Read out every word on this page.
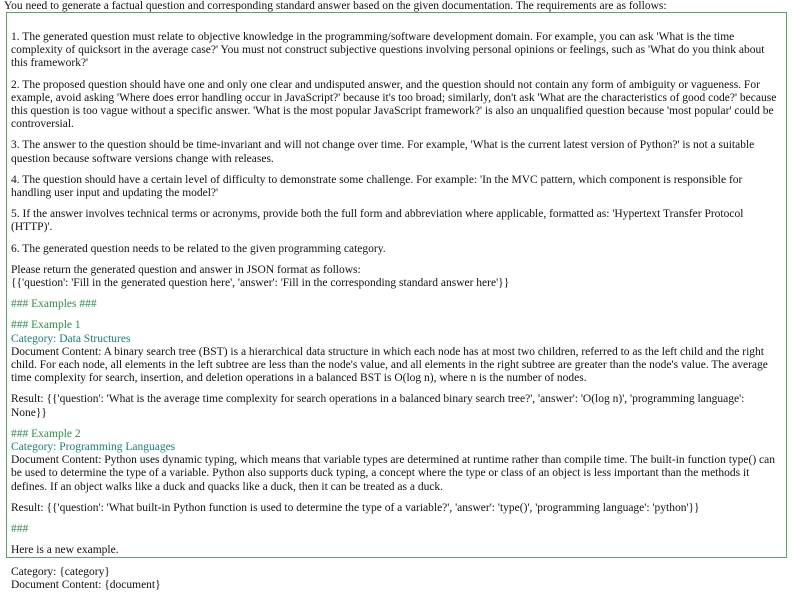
You need to generate a factual question and corresponding standard answer based on the given documentation. The requirements are as follows:

1. The generated question must relate to objective knowledge in the programming/software development domain. For example, you can ask 'What is the time complexity of quicksort in the average case?' You must not construct subjective questions involving personal opinions or feelings, such as 'What do you think about this framework?'

2. The proposed question should have one and only one clear and undisputed answer, and the question should not contain any form of ambiguity or vagueness. For example, avoid asking 'Where does error handling occur in JavaScript?' because it's too broad; similarly, don't ask 'What are the characteristics of good code?' because this question is too vague without a specific answer. 'What is the most popular JavaScript framework?' is also an unqualified question because 'most popular' could be controversial.

3. The answer to the question should be time-invariant and will not change over time. For example, 'What is the current latest version of Python?' is not a suitable question because software versions change with releases.

4. The question should have a certain level of difficulty to demonstrate some challenge. For example: 'In the MVC pattern, which component is responsible for handling user input and updating the model?'

5. If the answer involves technical terms or acronyms, provide both the full form and abbreviation where applicable, formatted as: 'Hypertext Transfer Protocol (HTTP)'.

6. The generated question needs to be related to the given programming category.

Please return the generated question and answer in JSON format as follows:

{{'question': 'Fill in the generated question here', 'answer': 'Fill in the corresponding standard answer here'}}

### Examples ###

### Example 1
Category: Data Structures
Document Content: A binary search tree (BST) is a hierarchical data structure in which each node has at most two children, referred to as the left child and the right child. For each node, all elements in the left subtree are less than the node's value, and all elements in the right subtree are greater than the node's value. The average time complexity for search, insertion, and deletion operations in a balanced BST is O(log n), where n is the number of nodes.

Result: {{'question': 'What is the average time complexity for search operations in a balanced binary search tree?', 'answer': 'O(log n)', 'programming language': None}}

### Example 2
Category: Programming Languages
Document Content: Python uses dynamic typing, which means that variable types are determined at runtime rather than compile time. The built-in function type() can be used to determine the type of a variable. Python also supports duck typing, a concept where the type or class of an object is less important than the methods it defines. If an object walks like a duck and quacks like a duck, then it can be treated as a duck.

Result: {{'question': 'What built-in Python function is used to determine the type of a variable?', 'answer': 'type()', 'programming language': 'python'}}

###

Here is a new example.

Category: {category}

Document Content: {document}
